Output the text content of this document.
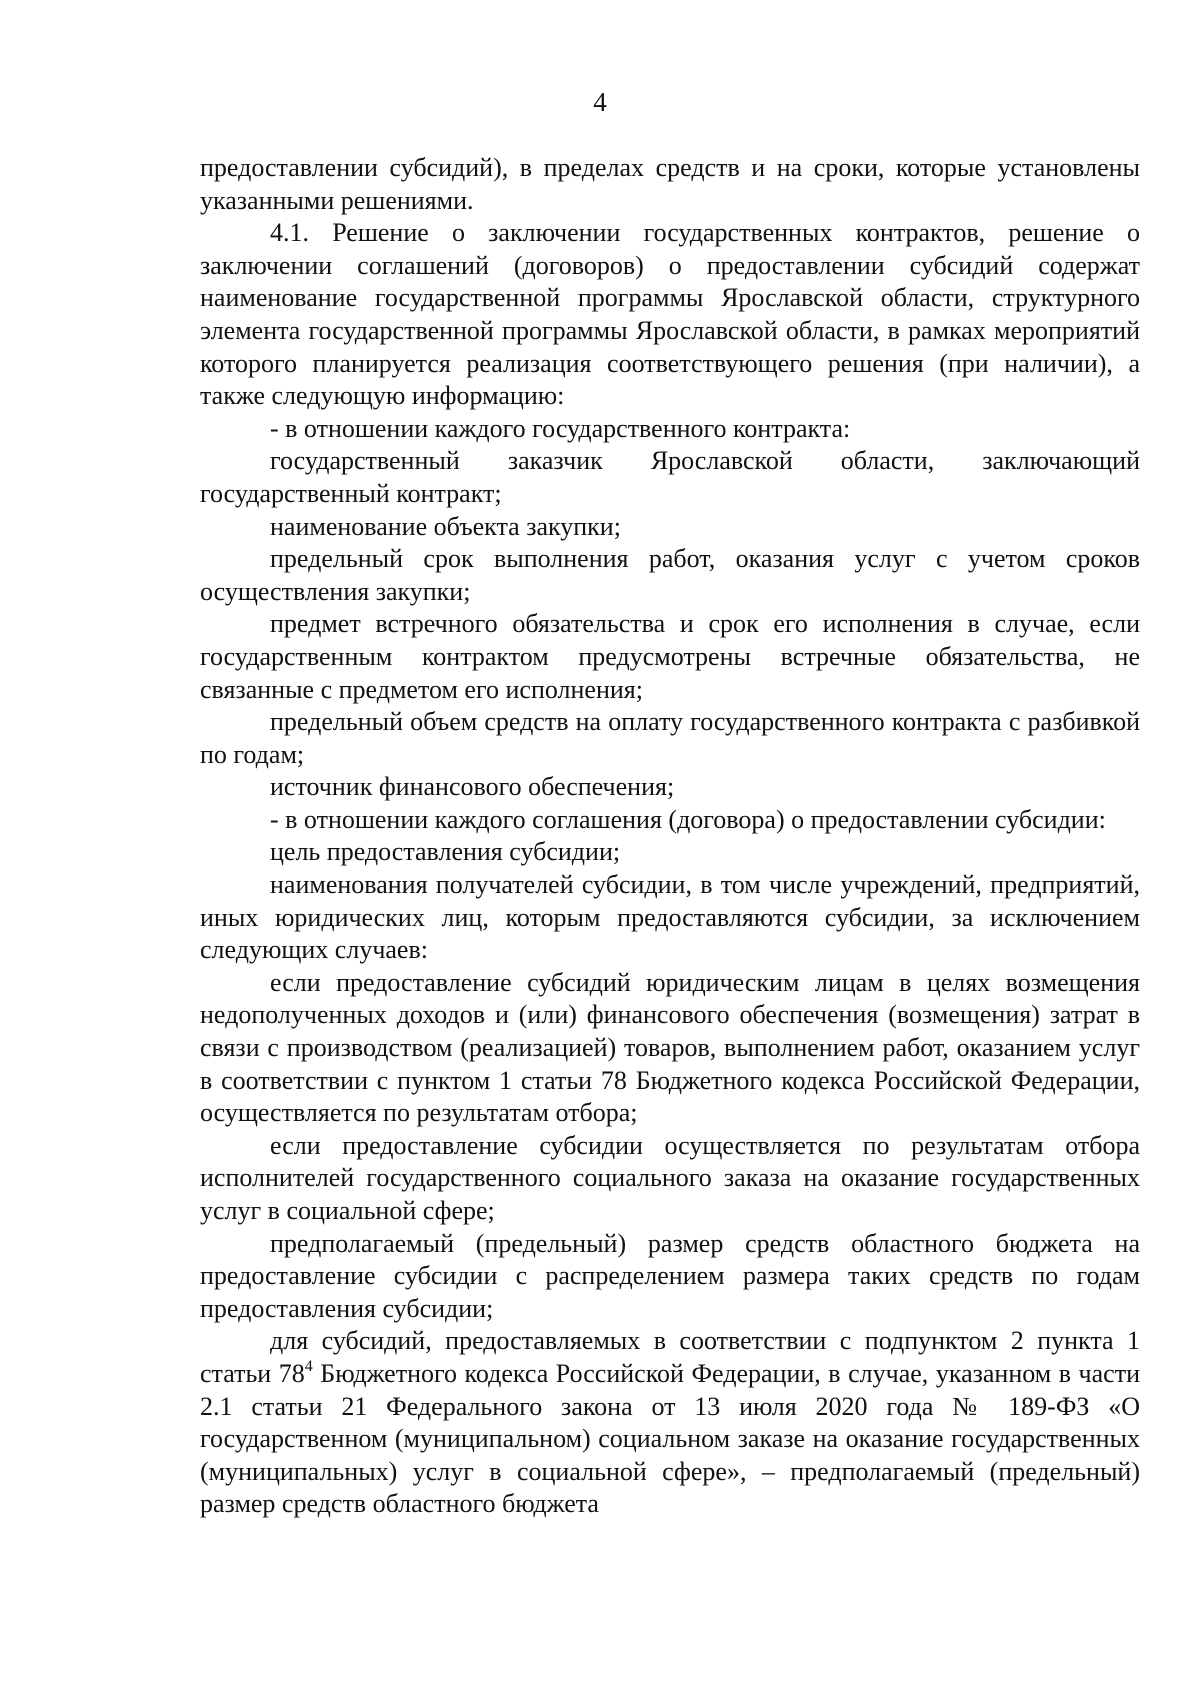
4

предоставлении субсидий), в пределах средств и на сроки, которые установлены указанными решениями.

4.1. Решение о заключении государственных контрактов, решение о заключении соглашений (договоров) о предоставлении субсидий содержат наименование государственной программы Ярославской области, структурного элемента государственной программы Ярославской области, в рамках мероприятий которого планируется реализация соответствующего решения (при наличии), а также следующую информацию:

- в отношении каждого государственного контракта:

государственный заказчик Ярославской области, заключающий государственный контракт;

наименование объекта закупки;

предельный срок выполнения работ, оказания услуг с учетом сроков осуществления закупки;

предмет встречного обязательства и срок его исполнения в случае, если государственным контрактом предусмотрены встречные обязательства, не связанные с предметом его исполнения;

предельный объем средств на оплату государственного контракта с разбивкой по годам;

источник финансового обеспечения;

- в отношении каждого соглашения (договора) о предоставлении субсидии:

цель предоставления субсидии;

наименования получателей субсидии, в том числе учреждений, предприятий, иных юридических лиц, которым предоставляются субсидии, за исключением следующих случаев:

если предоставление субсидий юридическим лицам в целях возмещения недополученных доходов и (или) финансового обеспечения (возмещения) затрат в связи с производством (реализацией) товаров, выполнением работ, оказанием услуг в соответствии с пунктом 1 статьи 78 Бюджетного кодекса Российской Федерации, осуществляется по результатам отбора;

если предоставление субсидии осуществляется по результатам отбора исполнителей государственного социального заказа на оказание государственных услуг в социальной сфере;

предполагаемый (предельный) размер средств областного бюджета на предоставление субсидии с распределением размера таких средств по годам предоставления субсидии;

для субсидий, предоставляемых в соответствии с подпунктом 2 пункта 1 статьи $78^4$ Бюджетного кодекса Российской Федерации, в случае, указанном в части 2.1 статьи 21 Федерального закона от 13 июля 2020 года № 189-ФЗ «О государственном (муниципальном) социальном заказе на оказание государственных (муниципальных) услуг в социальной сфере», – предполагаемый (предельный) размер средств областного бюджета
